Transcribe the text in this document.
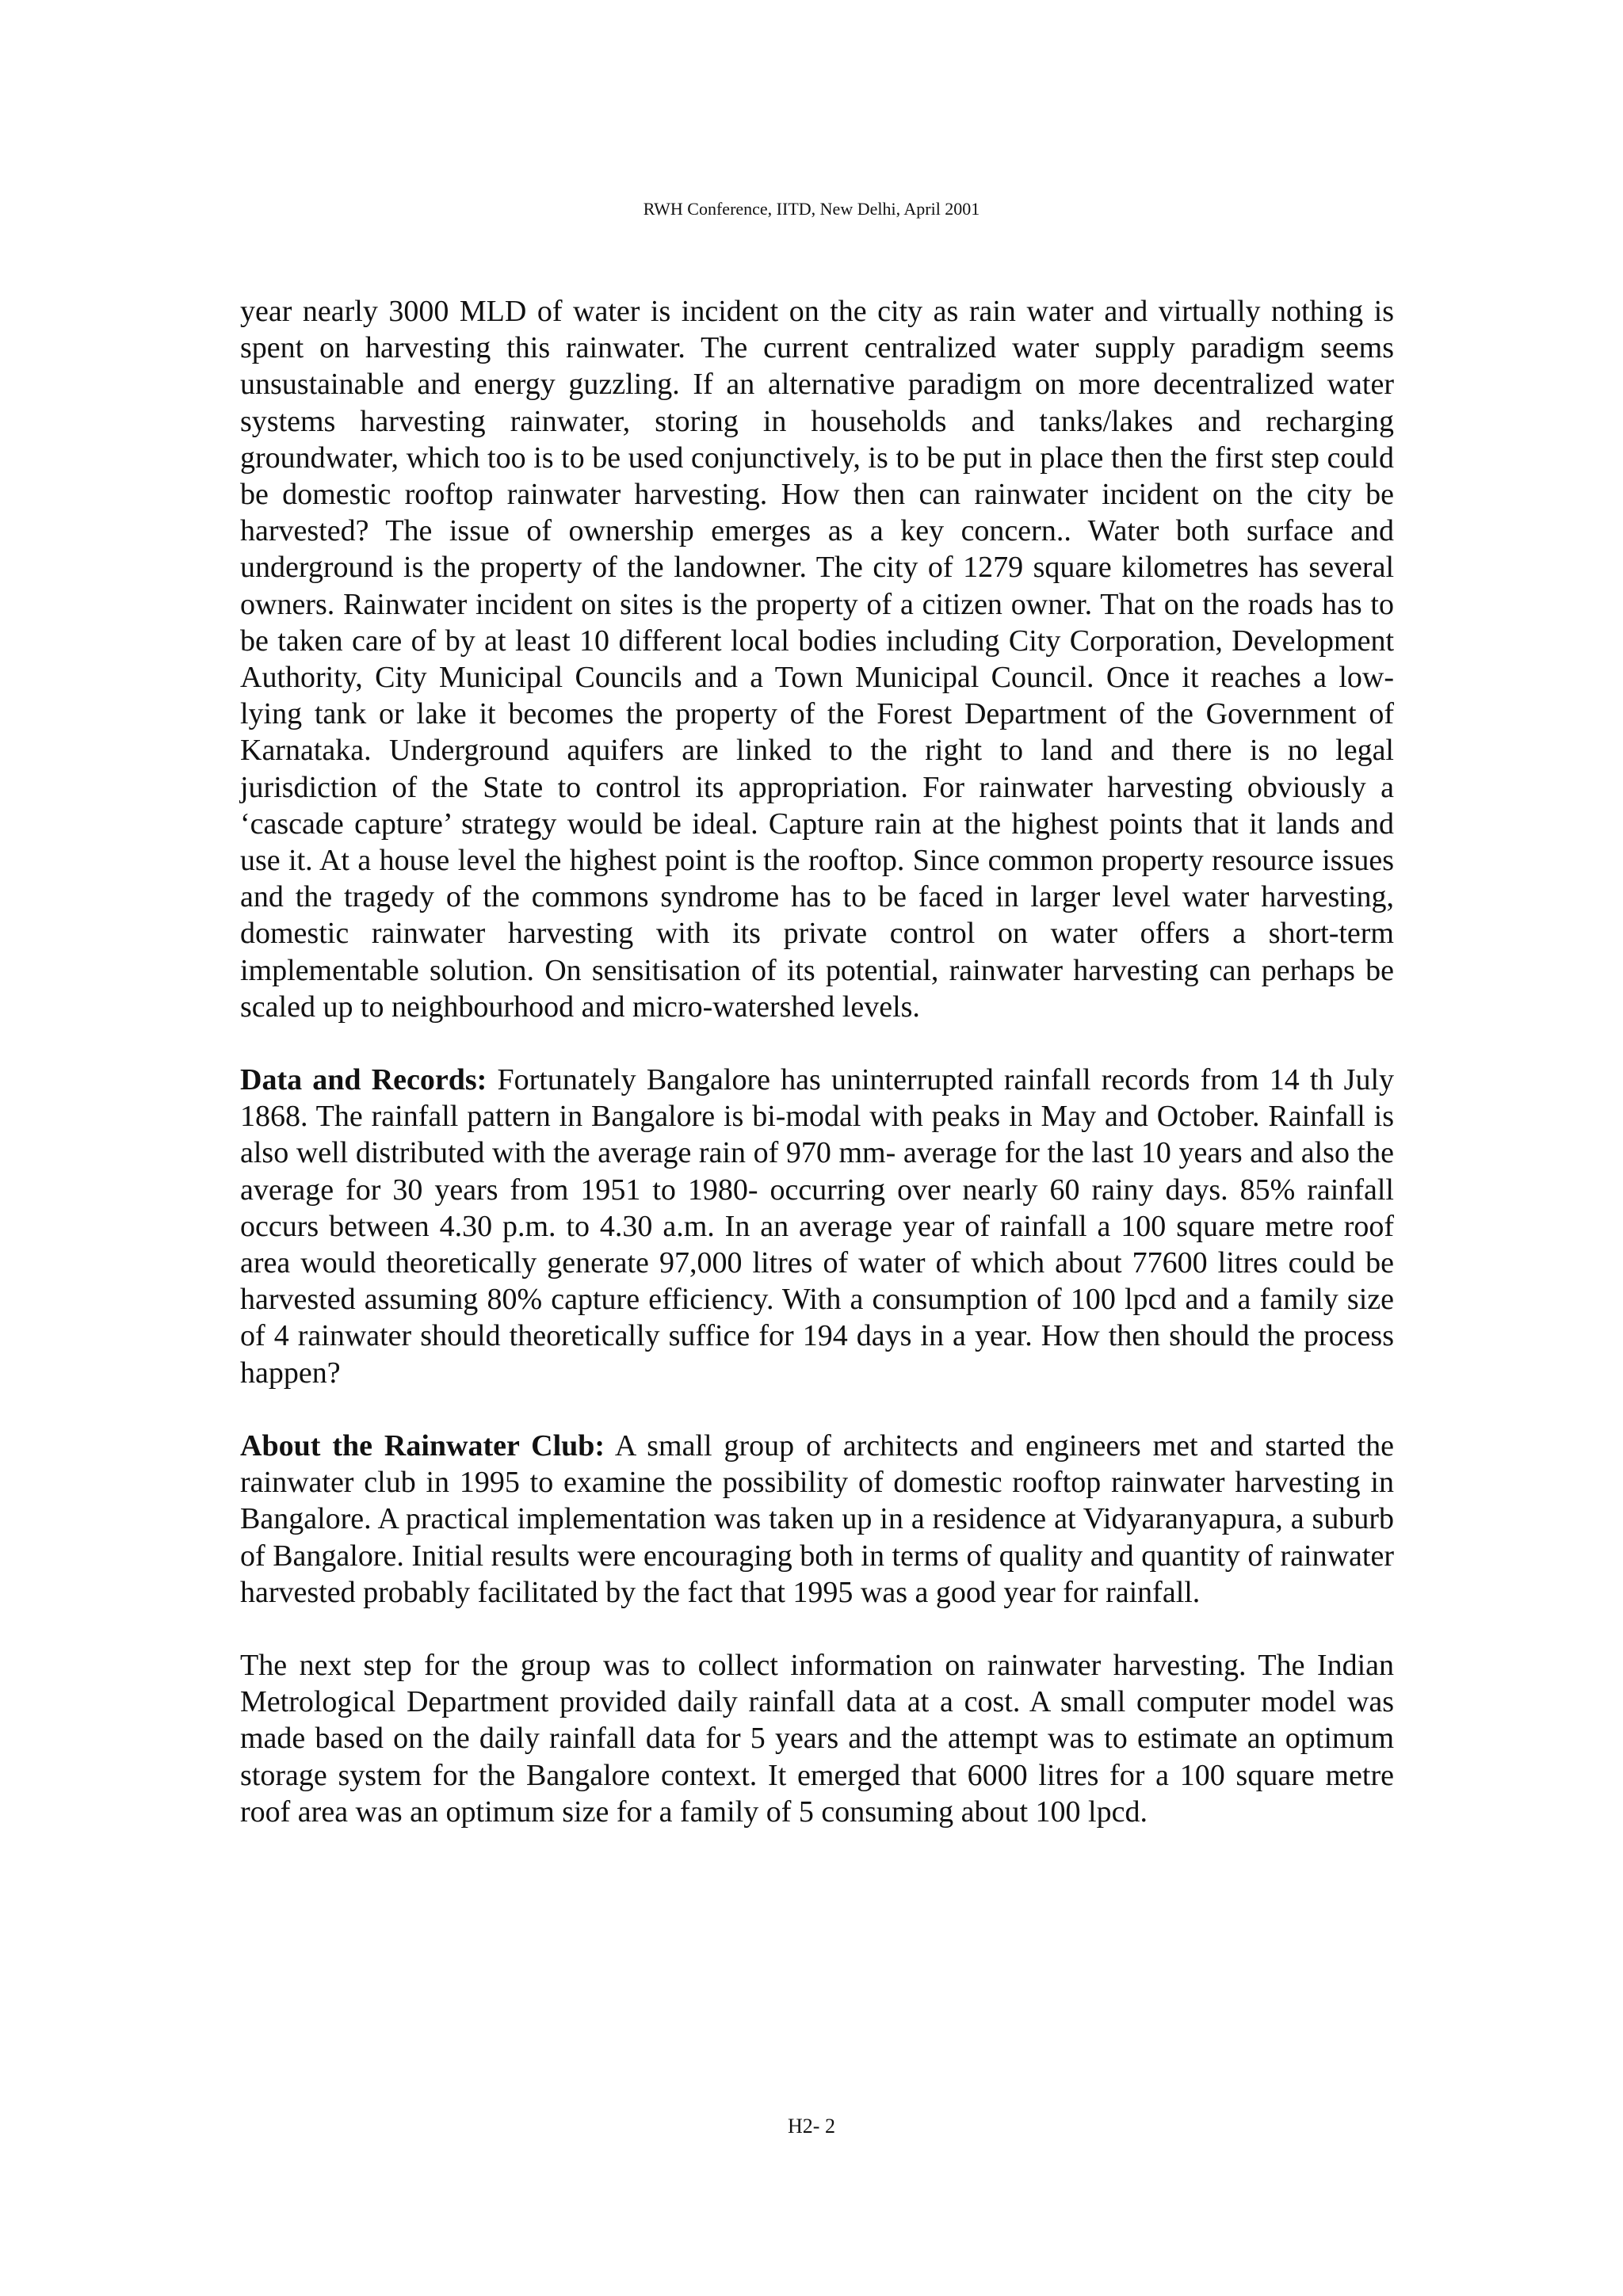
RWH Conference, IITD, New Delhi, April 2001

year nearly 3000 MLD of water is incident on the city as rain water and virtually nothing is spent on harvesting this rainwater. The current centralized water supply paradigm seems unsustainable and energy guzzling. If an alternative paradigm on more decentralized water systems harvesting rainwater, storing in households and tanks/lakes and recharging groundwater, which too is to be used conjunctively, is to be put in place then the first step could be domestic rooftop rainwater harvesting. How then can rainwater incident on the city be harvested? The issue of ownership emerges as a key concern.. Water both surface and underground is the property of the landowner. The city of 1279 square kilometres has several owners. Rainwater incident on sites is the property of a citizen owner. That on the roads has to be taken care of by at least 10 different local bodies including City Corporation, Development Authority, City Municipal Councils and a Town Municipal Council. Once it reaches a low-lying tank or lake it becomes the property of the Forest Department of the Government of Karnataka. Underground aquifers are linked to the right to land and there is no legal jurisdiction of the State to control its appropriation. For rainwater harvesting obviously a ‘cascade capture’ strategy would be ideal. Capture rain at the highest points that it lands and use it. At a house level the highest point is the rooftop. Since common property resource issues and the tragedy of the commons syndrome has to be faced in larger level water harvesting, domestic rainwater harvesting with its private control on water offers a short-term implementable solution. On sensitisation of its potential, rainwater harvesting can perhaps be scaled up to neighbourhood and micro-watershed levels.

Data and Records: Fortunately Bangalore has uninterrupted rainfall records from 14 th July 1868. The rainfall pattern in Bangalore is bi-modal with peaks in May and October. Rainfall is also well distributed with the average rain of 970 mm- average for the last 10 years and also the average for 30 years from 1951 to 1980- occurring over nearly 60 rainy days. 85% rainfall occurs between 4.30 p.m. to 4.30 a.m. In an average year of rainfall a 100 square metre roof area would theoretically generate 97,000 litres of water of which about 77600 litres could be harvested assuming 80% capture efficiency. With a consumption of 100 lpcd and a family size of 4 rainwater should theoretically suffice for 194 days in a year. How then should the process happen?

About the Rainwater Club: A small group of architects and engineers met and started the rainwater club in 1995 to examine the possibility of domestic rooftop rainwater harvesting in Bangalore. A practical implementation was taken up in a residence at Vidyaranyapura, a suburb of Bangalore. Initial results were encouraging both in terms of quality and quantity of rainwater harvested probably facilitated by the fact that 1995 was a good year for rainfall.

The next step for the group was to collect information on rainwater harvesting. The Indian Metrological Department provided daily rainfall data at a cost. A small computer model was made based on the daily rainfall data for 5 years and the attempt was to estimate an optimum storage system for the Bangalore context. It emerged that 6000 litres for a 100 square metre roof area was an optimum size for a family of 5 consuming about 100 lpcd.

H2- 2
